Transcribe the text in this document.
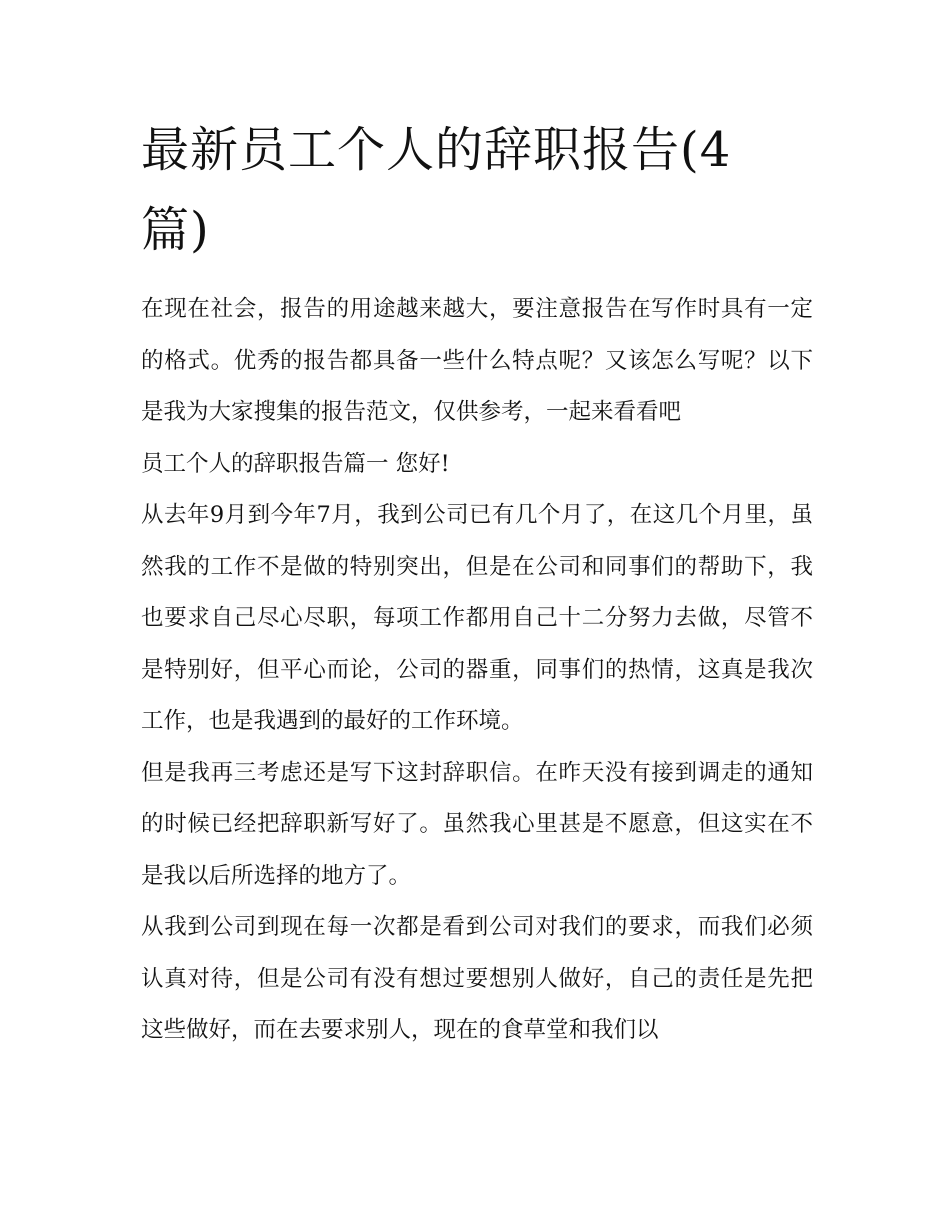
最新员工个人的辞职报告(4篇)

在现在社会，报告的用途越来越大，要注意报告在写作时具有一定的格式。优秀的报告都具备一些什么特点呢？又该怎么写呢？以下是我为大家搜集的报告范文，仅供参考，一起来看看吧

员工个人的辞职报告篇一 您好!

从去年9月到今年7月，我到公司已有几个月了，在这几个月里，虽然我的工作不是做的特别突出，但是在公司和同事们的帮助下，我也要求自己尽心尽职，每项工作都用自己十二分努力去做，尽管不是特别好，但平心而论，公司的器重，同事们的热情，这真是我次工作，也是我遇到的最好的工作环境。

但是我再三考虑还是写下这封辞职信。在昨天没有接到调走的通知的时候已经把辞职新写好了。虽然我心里甚是不愿意，但这实在不是我以后所选择的地方了。

从我到公司到现在每一次都是看到公司对我们的要求，而我们必须认真对待，但是公司有没有想过要想别人做好，自己的责任是先把这些做好，而在去要求别人，现在的食草堂和我们以
